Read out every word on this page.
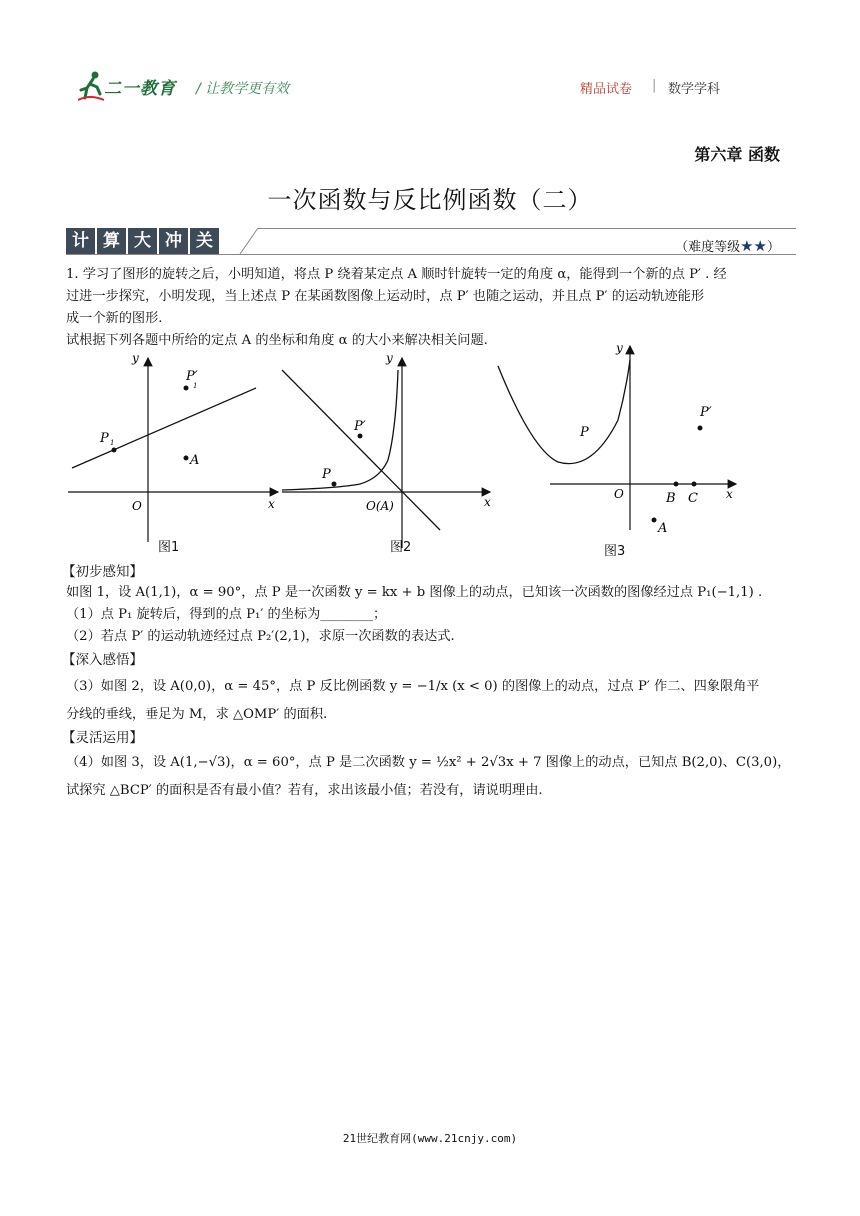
二一教育 / 让教学更有效	精品试卷 | 数学学科
第六章 函数
一次函数与反比例函数（二）
计 算 大 冲 关	（难度等级★★）
1. 学习了图形的旋转之后，小明知道，将点 P 绕着某定点 A 顺时针旋转一定的角度 α，能得到一个新的点 P′ . 经
过进一步探究，小明发现，当上述点 P 在某函数图像上运动时，点 P′ 也随之运动，并且点 P′ 的运动轨迹能形
成一个新的图形.
试根据下列各题中所给的定点 A 的坐标和角度 α 的大小来解决相关问题.
y
x
O
P 1
P′
1
A
图1
y
x
O(A)
P
P′
图2
y
x
O
P
P′
B C
A
图3
【初步感知】
如图 1，设 A(1,1)，α = 90°，点 P 是一次函数 y = kx + b 图像上的动点，已知该一次函数的图像经过点 P₁(−1,1) .
（1）点 P₁ 旋转后，得到的点 P₁′ 的坐标为________；
（2）若点 P′ 的运动轨迹经过点 P₂′(2,1)，求原一次函数的表达式.
【深入感悟】
（3）如图 2，设 A(0,0)，α = 45°，点 P 反比例函数 y = −1/x (x < 0) 的图像上的动点，过点 P′ 作二、四象限角平
分线的垂线，垂足为 M，求 △OMP′ 的面积.
【灵活运用】
（4）如图 3，设 A(1,−√3)，α = 60°，点 P 是二次函数 y = ½x² + 2√3x + 7 图像上的动点，已知点 B(2,0)、C(3,0)，
试探究 △BCP′ 的面积是否有最小值？若有，求出该最小值；若没有，请说明理由.
21世纪教育网(www.21cnjy.com)
